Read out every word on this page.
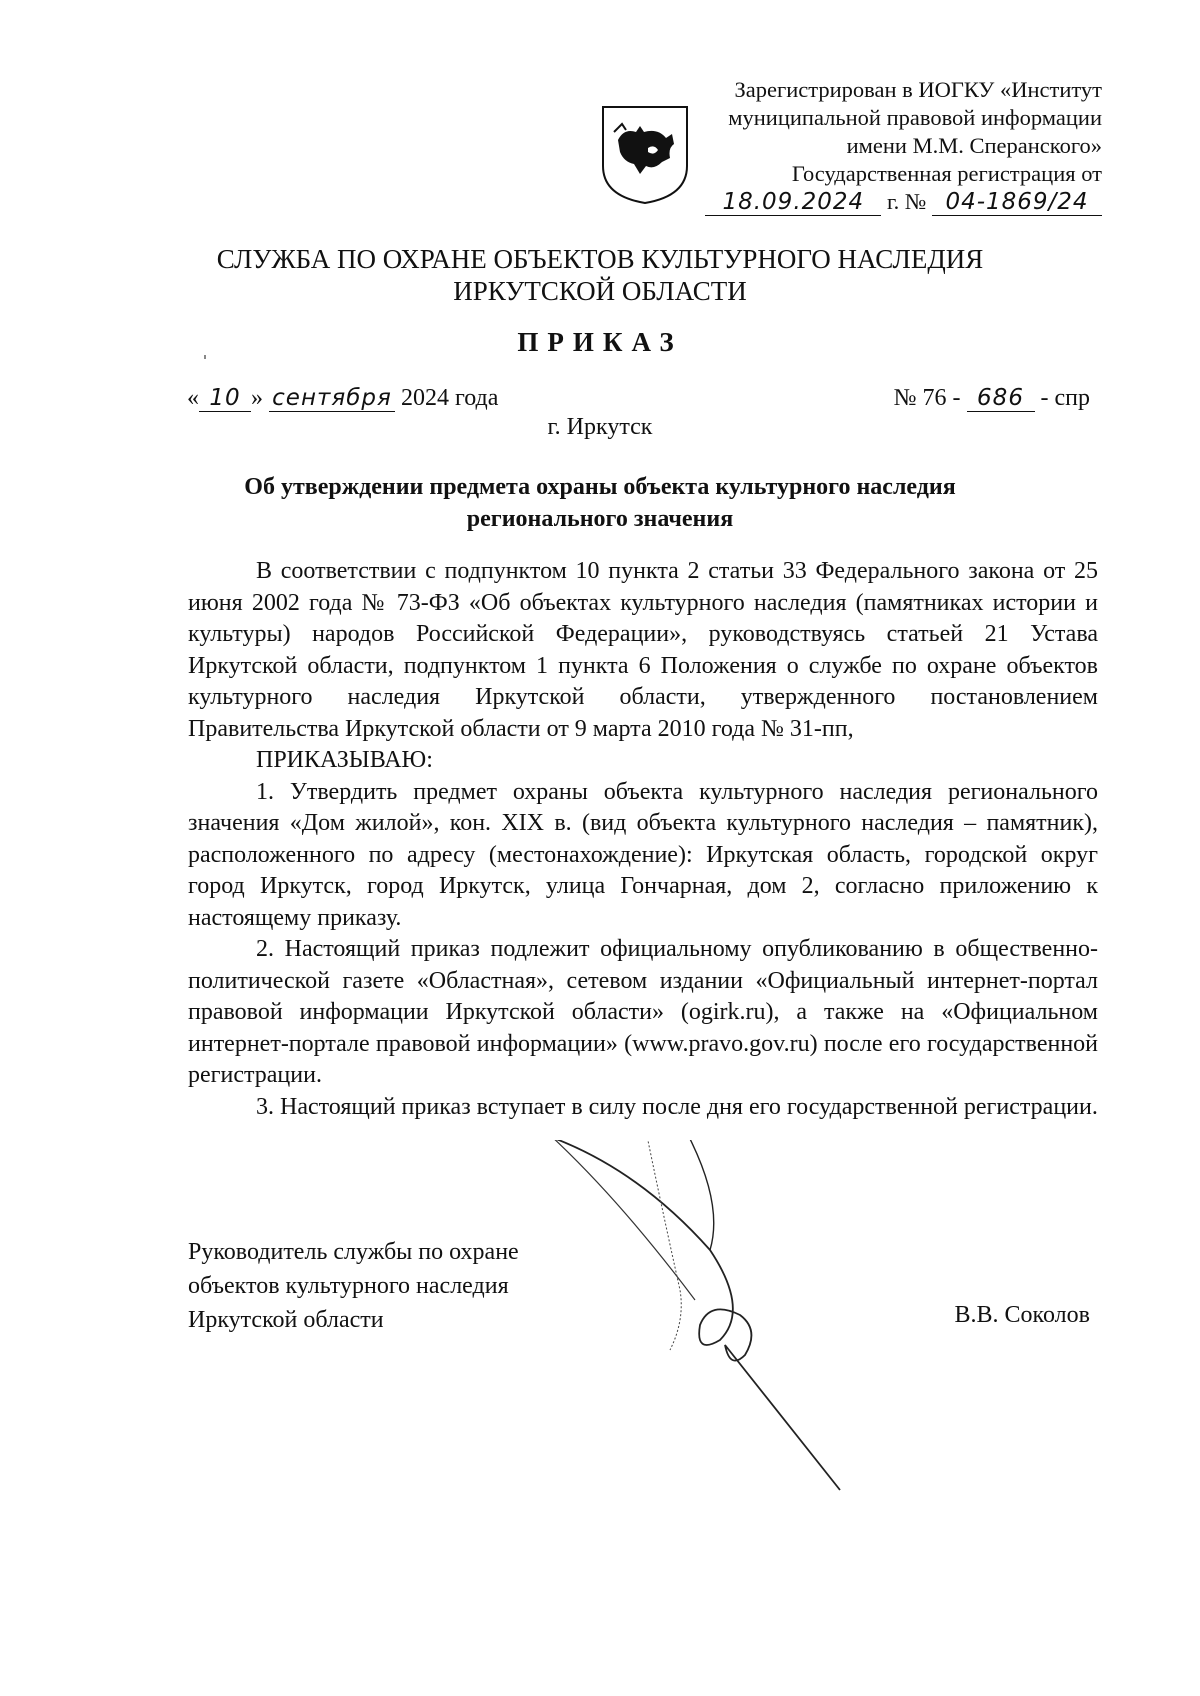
Зарегистрирован в ИОГКУ «Институт
муниципальной правовой информации
имени М.М. Сперанского»
Государственная регистрация от
18.09.2024 г. № 04-1869/24
СЛУЖБА ПО ОХРАНЕ ОБЪЕКТОВ КУЛЬТУРНОГО НАСЛЕДИЯ
ИРКУТСКОЙ ОБЛАСТИ
ПРИКАЗ
« 10 » сентября 2024 года	№ 76 - 686 - спр
г. Иркутск
Об утверждении предмета охраны объекта культурного наследия
регионального значения

В соответствии с подпунктом 10 пункта 2 статьи 33 Федерального закона от 25 июня 2002 года № 73-ФЗ «Об объектах культурного наследия (памятниках истории и культуры) народов Российской Федерации», руководствуясь статьей 21 Устава Иркутской области, подпунктом 1 пункта 6 Положения о службе по охране объектов культурного наследия Иркутской области, утвержденного постановлением Правительства Иркутской области от 9 марта 2010 года № 31-пп,

ПРИКАЗЫВАЮ:

1. Утвердить предмет охраны объекта культурного наследия регионального значения «Дом жилой», кон. XIX в. (вид объекта культурного наследия – памятник), расположенного по адресу (местонахождение): Иркутская область, городской округ город Иркутск, город Иркутск, улица Гончарная, дом 2, согласно приложению к настоящему приказу.

2. Настоящий приказ подлежит официальному опубликованию в общественно-политической газете «Областная», сетевом издании «Официальный интернет-портал правовой информации Иркутской области» (ogirk.ru), а также на «Официальном интернет-портале правовой информации» (www.pravo.gov.ru) после его государственной регистрации.

3. Настоящий приказ вступает в силу после дня его государственной регистрации.

Руководитель службы по охране
объектов культурного наследия
Иркутской области	В.В. Соколов
